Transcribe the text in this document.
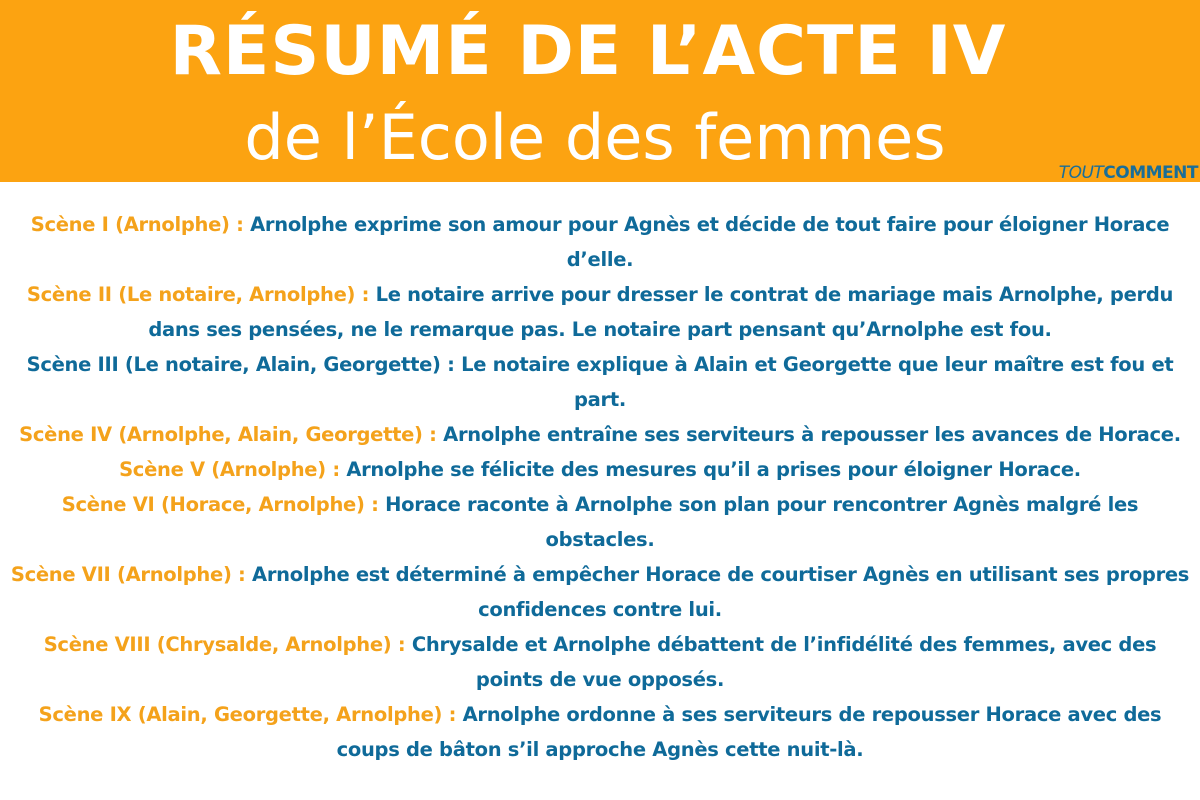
RÉSUMÉ DE L’ACTE IV
de l’École des femmes	TOUTCOMMENT
Scène I (Arnolphe) : Arnolphe exprime son amour pour Agnès et décide de tout faire pour éloigner Horace d’elle.
Scène II (Le notaire, Arnolphe) : Le notaire arrive pour dresser le contrat de mariage mais Arnolphe, perdu dans ses pensées, ne le remarque pas. Le notaire part pensant qu’Arnolphe est fou.
Scène III (Le notaire, Alain, Georgette) : Le notaire explique à Alain et Georgette que leur maître est fou et part.
Scène IV (Arnolphe, Alain, Georgette) : Arnolphe entraîne ses serviteurs à repousser les avances de Horace.
Scène V (Arnolphe) : Arnolphe se félicite des mesures qu’il a prises pour éloigner Horace.
Scène VI (Horace, Arnolphe) : Horace raconte à Arnolphe son plan pour rencontrer Agnès malgré les obstacles.
Scène VII (Arnolphe) : Arnolphe est déterminé à empêcher Horace de courtiser Agnès en utilisant ses propres confidences contre lui.
Scène VIII (Chrysalde, Arnolphe) : Chrysalde et Arnolphe débattent de l’infidélité des femmes, avec des points de vue opposés.
Scène IX (Alain, Georgette, Arnolphe) : Arnolphe ordonne à ses serviteurs de repousser Horace avec des coups de bâton s’il approche Agnès cette nuit-là.
